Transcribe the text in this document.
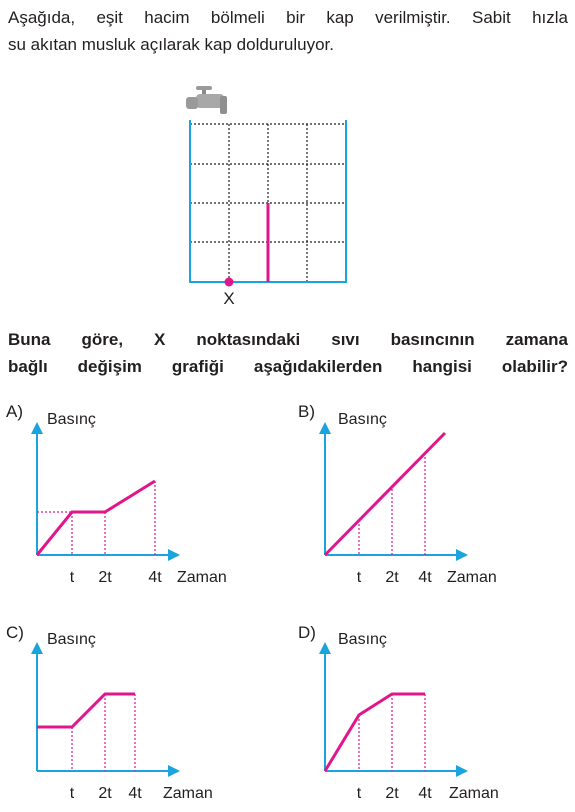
Aşağıda, eşit hacim bölmeli bir kap verilmiştir. Sabit hızla
su akıtan musluk açılarak kap dolduruluyor.

Buna göre, X noktasındaki sıvı basıncının zamana
bağlı değişim grafiği aşağıdakilerden hangisi olabilir?

X
A) Basınç
t 2t 4t Zaman
B) Basınç
t 2t 4t Zaman
C) Basınç
t 2t 4t Zaman
D) Basınç
t 2t 4t Zaman
